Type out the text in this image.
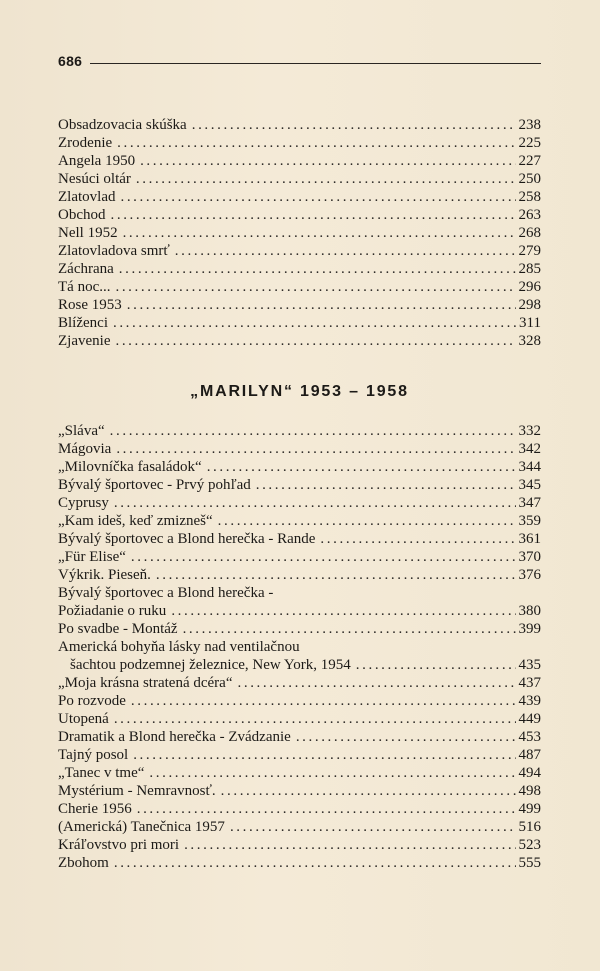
686
Obsadzovacia skúška .....	238
Zrodenie .....	225
Angela 1950 .....	227
Nesúci oltár .....	250
Zlatovlad .....	258
Obchod .....	263
Nell 1952 .....	268
Zlatovladova smrť .....	279
Záchrana .....	285
Tá noc... .....	296
Rose 1953 .....	298
Blíženci .....	311
Zjavenie .....	328
„MARILYN“ 1953 – 1958
„Sláva“ .....	332
Mágovia .....	342
„Milovníčka fasaládok“ .....	344
Bývalý športovec - Prvý pohľad .....	345
Cyprusy .....	347
„Kam ideš, keď zmizneš“ .....	359
Bývalý športovec a Blond herečka - Rande .....	361
„Für Elise“ .....	370
Výkrik. Pieseň. .....	376
Bývalý športovec a Blond herečka -
Požiadanie o ruku .....	380
Po svadbe - Montáž .....	399
Americká bohyňa lásky nad ventilačnou
šachtou podzemnej železnice, New York, 1954 .....	435
„Moja krásna stratená dcéra“ .....	437
Po rozvode .....	439
Utopená .....	449
Dramatik a Blond herečka - Zvádzanie .....	453
Tajný posol .....	487
„Tanec v tme“ .....	494
Mystérium - Nemravnosť. .....	498
Cherie 1956 .....	499
(Americká) Tanečnica 1957 .....	516
Kráľovstvo pri mori .....	523
Zbohom .....	555
